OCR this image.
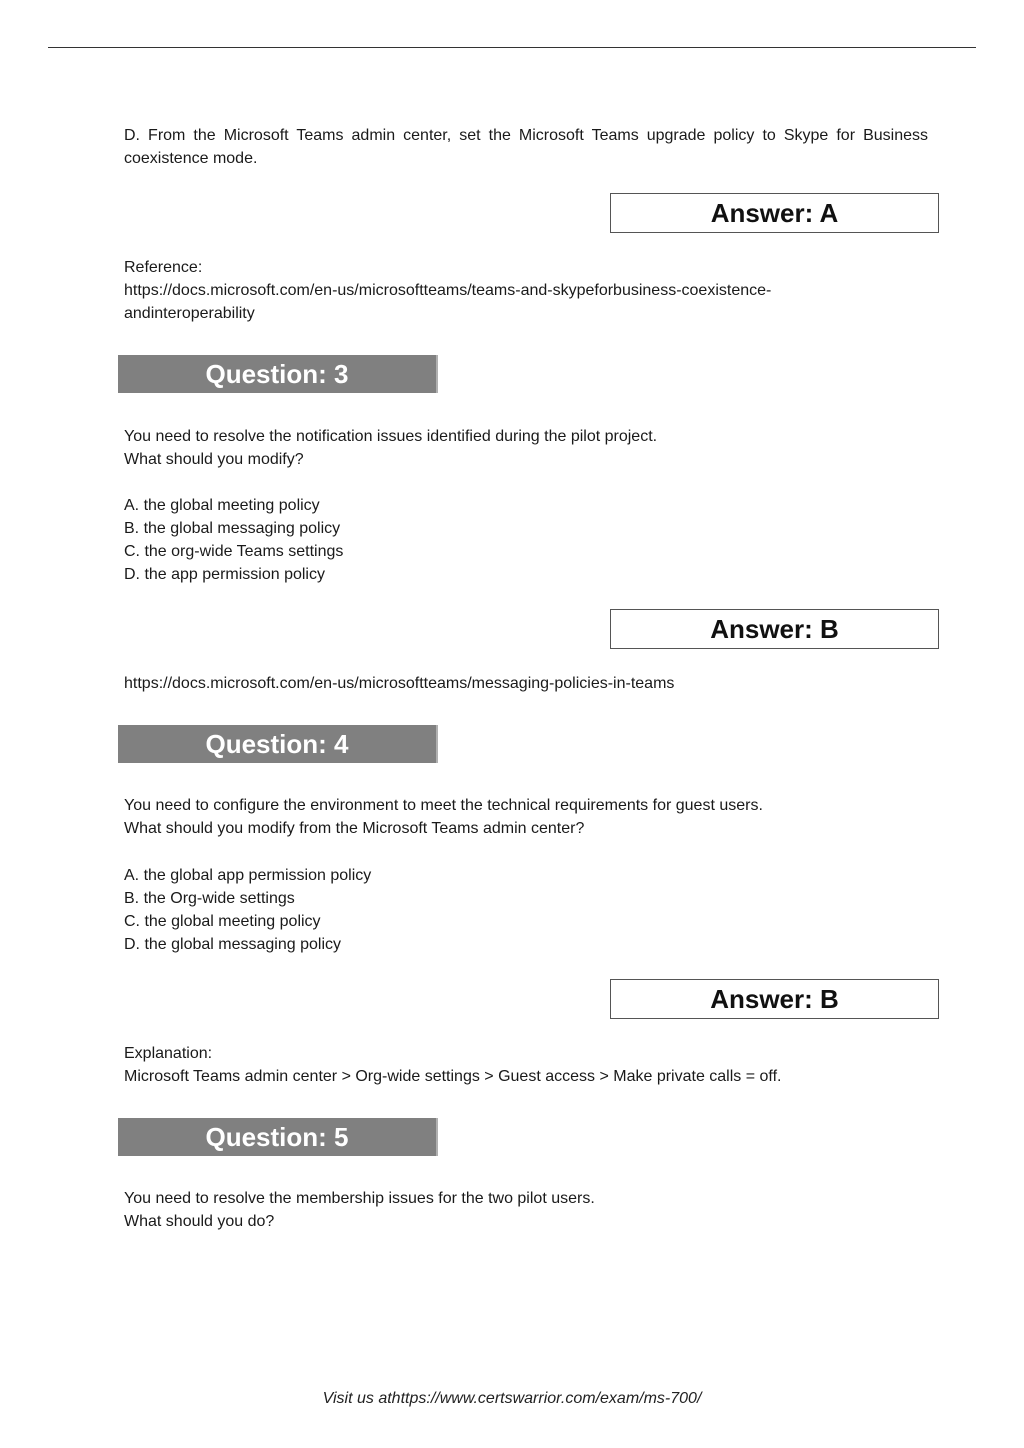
D. From the Microsoft Teams admin center, set the Microsoft Teams upgrade policy to Skype for Business coexistence mode.
Answer: A
Reference:
https://docs.microsoft.com/en-us/microsoftteams/teams-and-skypeforbusiness-coexistence-
andinteroperability
Question: 3
You need to resolve the notification issues identified during the pilot project.
What should you modify?
A. the global meeting policy
B. the global messaging policy
C. the org-wide Teams settings
D. the app permission policy
Answer: B
https://docs.microsoft.com/en-us/microsoftteams/messaging-policies-in-teams
Question: 4
You need to configure the environment to meet the technical requirements for guest users.
What should you modify from the Microsoft Teams admin center?
A. the global app permission policy
B. the Org-wide settings
C. the global meeting policy
D. the global messaging policy
Answer: B
Explanation:
Microsoft Teams admin center > Org-wide settings > Guest access > Make private calls = off.
Question: 5
You need to resolve the membership issues for the two pilot users.
What should you do?
Visit us athttps://www.certswarrior.com/exam/ms-700/
